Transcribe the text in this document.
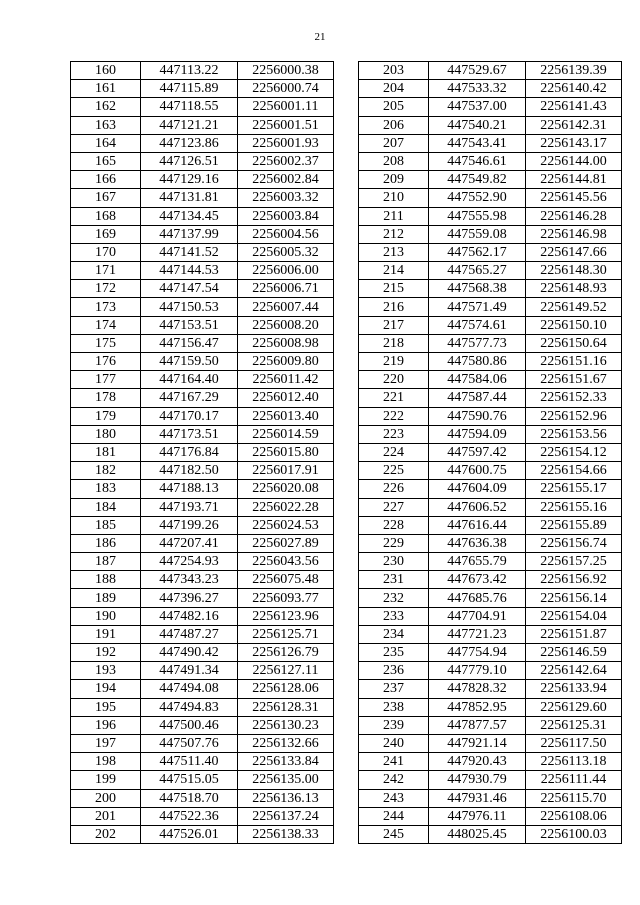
21
160	447113.22	2256000.38
161	447115.89	2256000.74
162	447118.55	2256001.11
163	447121.21	2256001.51
164	447123.86	2256001.93
165	447126.51	2256002.37
166	447129.16	2256002.84
167	447131.81	2256003.32
168	447134.45	2256003.84
169	447137.99	2256004.56
170	447141.52	2256005.32
171	447144.53	2256006.00
172	447147.54	2256006.71
173	447150.53	2256007.44
174	447153.51	2256008.20
175	447156.47	2256008.98
176	447159.50	2256009.80
177	447164.40	2256011.42
178	447167.29	2256012.40
179	447170.17	2256013.40
180	447173.51	2256014.59
181	447176.84	2256015.80
182	447182.50	2256017.91
183	447188.13	2256020.08
184	447193.71	2256022.28
185	447199.26	2256024.53
186	447207.41	2256027.89
187	447254.93	2256043.56
188	447343.23	2256075.48
189	447396.27	2256093.77
190	447482.16	2256123.96
191	447487.27	2256125.71
192	447490.42	2256126.79
193	447491.34	2256127.11
194	447494.08	2256128.06
195	447494.83	2256128.31
196	447500.46	2256130.23
197	447507.76	2256132.66
198	447511.40	2256133.84
199	447515.05	2256135.00
200	447518.70	2256136.13
201	447522.36	2256137.24
202	447526.01	2256138.33
203	447529.67	2256139.39
204	447533.32	2256140.42
205	447537.00	2256141.43
206	447540.21	2256142.31
207	447543.41	2256143.17
208	447546.61	2256144.00
209	447549.82	2256144.81
210	447552.90	2256145.56
211	447555.98	2256146.28
212	447559.08	2256146.98
213	447562.17	2256147.66
214	447565.27	2256148.30
215	447568.38	2256148.93
216	447571.49	2256149.52
217	447574.61	2256150.10
218	447577.73	2256150.64
219	447580.86	2256151.16
220	447584.06	2256151.67
221	447587.44	2256152.33
222	447590.76	2256152.96
223	447594.09	2256153.56
224	447597.42	2256154.12
225	447600.75	2256154.66
226	447604.09	2256155.17
227	447606.52	2256155.16
228	447616.44	2256155.89
229	447636.38	2256156.74
230	447655.79	2256157.25
231	447673.42	2256156.92
232	447685.76	2256156.14
233	447704.91	2256154.04
234	447721.23	2256151.87
235	447754.94	2256146.59
236	447779.10	2256142.64
237	447828.32	2256133.94
238	447852.95	2256129.60
239	447877.57	2256125.31
240	447921.14	2256117.50
241	447920.43	2256113.18
242	447930.79	2256111.44
243	447931.46	2256115.70
244	447976.11	2256108.06
245	448025.45	2256100.03
